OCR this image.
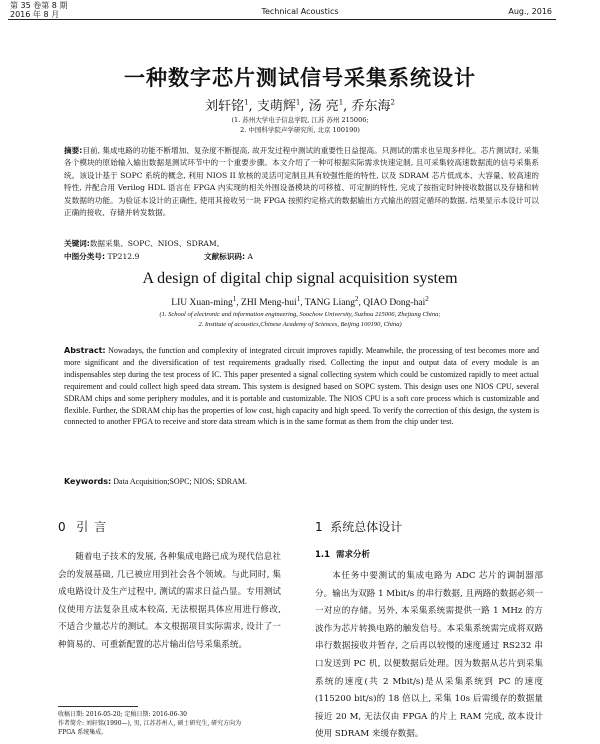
第 35 卷第 8 期
2016 年 8 月	Technical Acoustics	Aug., 2016
一种数字芯片测试信号采集系统设计
刘轩铭$^1$, 支萌辉$^1$, 汤 亮$^1$, 乔东海$^2$
(1. 苏州大学电子信息学院, 江苏 苏州 215006;
2. 中国科学院声学研究所, 北京 100190)
摘要:目前, 集成电路的功能不断增加、复杂度不断提高, 故开发过程中测试的重要性日益提高。只测试的需求也呈现多样化。芯片测试时, 采集各个模块的原始输入输出数据是测试环节中的一个重要步骤。本文介绍了一种可根据实际需求快速定制, 且可采集较高速数据流的信号采集系统。该设计基于 SOPC 系统的概念, 利用 NIOS II 软核的灵活可定制且具有较强性能的特性, 以及 SDRAM 芯片低成本、大容量、较高速的特性, 并配合用 Verilog HDL 语言在 FPGA 内实现的相关外围设备模块的可移植、可定制的特性, 完成了按指定时钟接收数据以及存储和转发数据的功能。为验证本设计的正确性, 使用其接收另一块 FPGA 按照约定格式的数据输出方式输出的固定循环的数据, 结果显示本设计可以正确的接收、存储并转发数据。
关键词:数据采集、SOPC、NIOS、SDRAM。
中图分类号: TP212.9	文献标识码: A
A design of digital chip signal acquisition system
LIU Xuan-ming$^1$, ZHI Meng-hui$^1$, TANG Liang$^2$, QIAO Dong-hai$^2$
(1. School of electronic and information engineering, Soochow University, Suzhou 215006, Zhejiang China;
2. Institute of acoustics,Chinese Academy of Sciences, Beijing 100190, China)
Abstract: Nowadays, the function and complexity of integrated circuit improves rapidly. Meanwhile, the processing of test becomes more and more significant and the diversification of test requirements gradually rised. Collecting the input and output data of every module is an indispensables step during the test process of IC. This paper presented a signal collecting system which could be customized rapidly to meet actual requirement and could collect high speed data stream. This system is designed based on SOPC system. This design uses one NIOS CPU, several SDRAM chips and some periphery modules, and it is portable and customizable. The NIOS CPU is a soft core process which is customizable and flexible. Further, the SDRAM chip has the properties of low cost, high capacity and high speed. To verify the correction of this design, the system is connected to another FPGA to receive and store data stream which is in the same format as them from the chip under test.
Keywords: Data Acquisition;SOPC; NIOS; SDRAM.
0 引 言	1 系统总体设计
1.1 需求分析
随着电子技术的发展, 各种集成电路已成为现代信息社会的发展基础, 几已被应用到社会各个领域。与此同时, 集成电路设计及生产过程中, 测试的需求日益凸显。专用测试仪使用方法复杂且成本较高, 无法根据具体应用进行修改, 不适合少量芯片的测试。本文根据项目实际需求, 设计了一种简易的、可重新配置的芯片输出信号采集系统。
本任务中要测试的集成电路为 ADC 芯片的调制器部分。输出为双路 1 Mbit/s 的串行数据, 且两路的数据必须一一对应的存储。另外, 本采集系统需提供一路 1 MHz 的方波作为芯片转换电路的触发信号。本采集系统需完成将双路串行数据接收并暂存, 之后再以较慢的速度通过 RS232 串口发送到 PC 机, 以便数据后处理。因为数据从芯片到采集系统的速度(共 2 Mbit/s)是从采集系统到 PC 的速度(115200 bit/s)的 18 倍以上, 采集 10s 后需缓存的数据量接近 20 M, 无法仅由 FPGA 的片上 RAM 完成, 故本设计使用 SDRAM 来缓存数据。
收稿日期: 2016-05-20; 定稿日期: 2016-06-30
作者简介: 刘轩铭(1990—), 男, 江苏苏州人, 硕士研究生, 研究方向为
FPGA 系统集成。
